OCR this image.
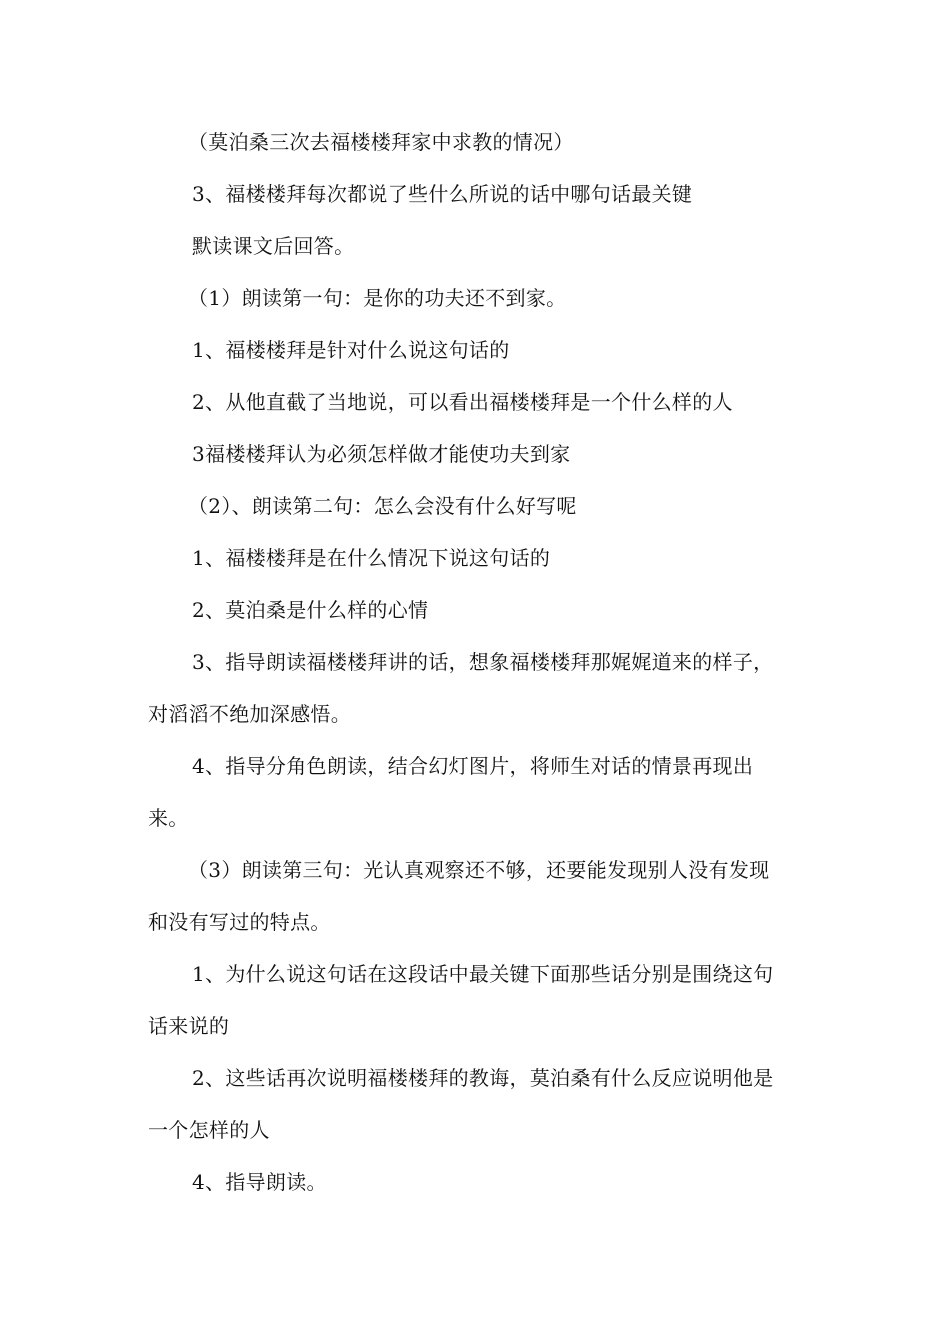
（莫泊桑三次去福楼楼拜家中求教的情况）

3、福楼楼拜每次都说了些什么所说的话中哪句话最关键

默读课文后回答。

（1）朗读第一句：是你的功夫还不到家。

1、福楼楼拜是针对什么说这句话的

2、从他直截了当地说，可以看出福楼楼拜是一个什么样的人

3福楼楼拜认为必须怎样做才能使功夫到家

（2）、朗读第二句：怎么会没有什么好写呢

1、福楼楼拜是在什么情况下说这句话的

2、莫泊桑是什么样的心情

3、指导朗读福楼楼拜讲的话，想象福楼楼拜那娓娓道来的样子，对滔滔不绝加深感悟。

4、指导分角色朗读，结合幻灯图片，将师生对话的情景再现出来。

（3）朗读第三句：光认真观察还不够，还要能发现别人没有发现和没有写过的特点。

1、为什么说这句话在这段话中最关键下面那些话分别是围绕这句话来说的

2、这些话再次说明福楼楼拜的教诲，莫泊桑有什么反应说明他是一个怎样的人

4、指导朗读。
